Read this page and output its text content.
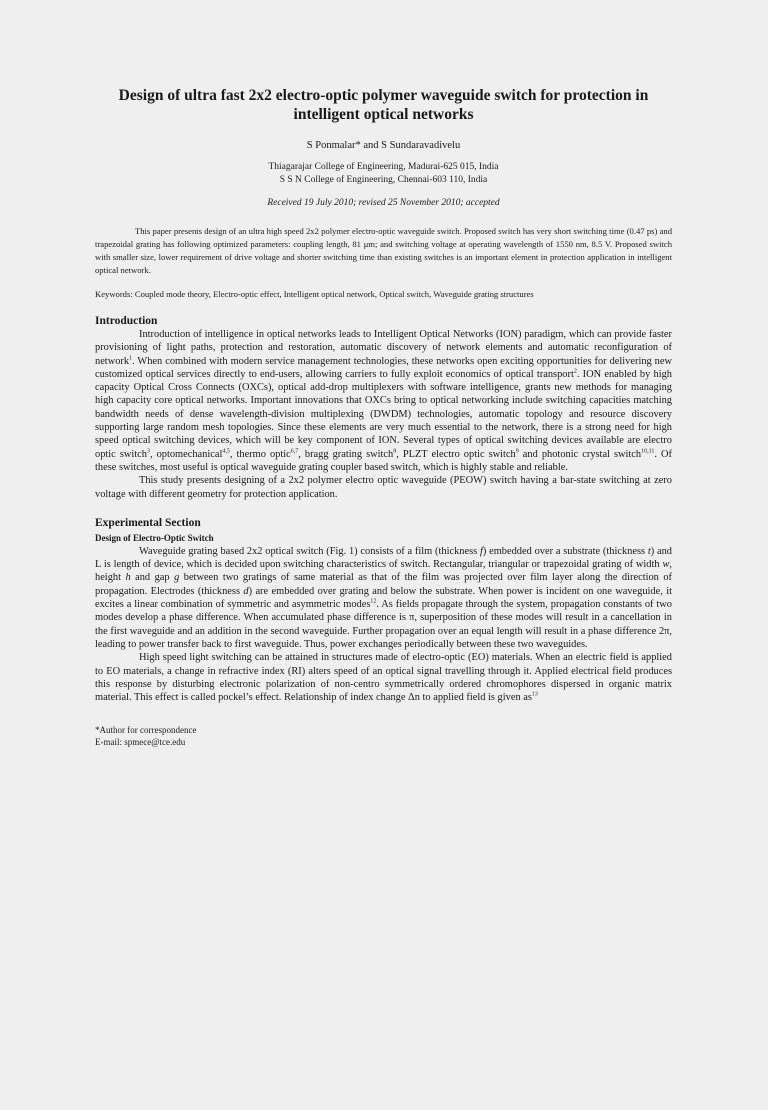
Design of ultra fast 2x2 electro-optic polymer waveguide switch for protection in intelligent optical networks
S Ponmalar* and S Sundaravadivelu
Thiagarajar College of Engineering, Madurai-625 015, India
S S N College of Engineering, Chennai-603 110, India
Received 19 July 2010; revised 25 November 2010; accepted
This paper presents design of an ultra high speed 2x2 polymer electro-optic waveguide switch. Proposed switch has very short switching time (0.47 ps) and trapezoidal grating has following optimized parameters: coupling length, 81 μm; and switching voltage at operating wavelength of 1550 nm, 8.5 V. Proposed switch with smaller size, lower requirement of drive voltage and shorter switching time than existing switches is an important element in protection application in intelligent optical network.
Keywords: Coupled mode theory, Electro-optic effect, Intelligent optical network, Optical switch, Waveguide grating structures
Introduction

Introduction of intelligence in optical networks leads to Intelligent Optical Networks (ION) paradigm, which can provide faster provisioning of light paths, protection and restoration, automatic discovery of network elements and automatic reconfiguration of network$^1$. When combined with modern service management technologies, these networks open exciting opportunities for delivering new customized optical services directly to end-users, allowing carriers to fully exploit economics of optical transport$^2$. ION enabled by high capacity Optical Cross Connects (OXCs), optical add-drop multiplexers with software intelligence, grants new methods for managing high capacity core optical networks. Important innovations that OXCs bring to optical networking include switching capacities matching bandwidth needs of dense wavelength-division multiplexing (DWDM) technologies, automatic topology and resource discovery supporting large random mesh topologies. Since these elements are very much essential to the network, there is a strong need for high speed optical switching devices, which will be key component of ION. Several types of optical switching devices available are electro optic switch$^3$, optomechanical$^{4,5}$, thermo optic$^{6,7}$, bragg grating switch$^8$, PLZT electro optic switch$^9$ and photonic crystal switch$^{10,11}$. Of these switches, most useful is optical waveguide grating coupler based switch, which is highly stable and reliable.

This study presents designing of a 2x2 polymer electro optic waveguide (PEOW) switch having a bar-state switching at zero voltage with different geometry for protection application.

Experimental Section
Design of Electro-Optic Switch

Waveguide grating based 2x2 optical switch (Fig. 1) consists of a film (thickness f) embedded over a substrate (thickness t) and L is length of device, which is decided upon switching characteristics of switch. Rectangular, triangular or trapezoidal grating of width w, height h and gap g between two gratings of same material as that of the film was projected over film layer along the direction of propagation. Electrodes (thickness d) are embedded over grating and below the substrate. When power is incident on one waveguide, it excites a linear combination of symmetric and asymmetric modes$^{12}$. As fields propagate through the system, propagation constants of two modes develop a phase difference. When accumulated phase difference is π, superposition of these modes will result in a cancellation in the first waveguide and an addition in the second waveguide. Further propagation over an equal length will result in a phase difference 2π, leading to power transfer back to first waveguide. Thus, power exchanges periodically between these two waveguides.

High speed light switching can be attained in structures made of electro-optic (EO) materials. When an electric field is applied to EO materials, a change in refractive index (RI) alters speed of an optical signal travelling through it. Applied electrical field produces this response by disturbing electronic polarization of non-centro symmetrically ordered chromophores dispersed in organic matrix material. This effect is called pockel’s effect. Relationship of index change Δn to applied field is given $as^{13}$

*Author for correspondence
E-mail: spmece@tce.edu
